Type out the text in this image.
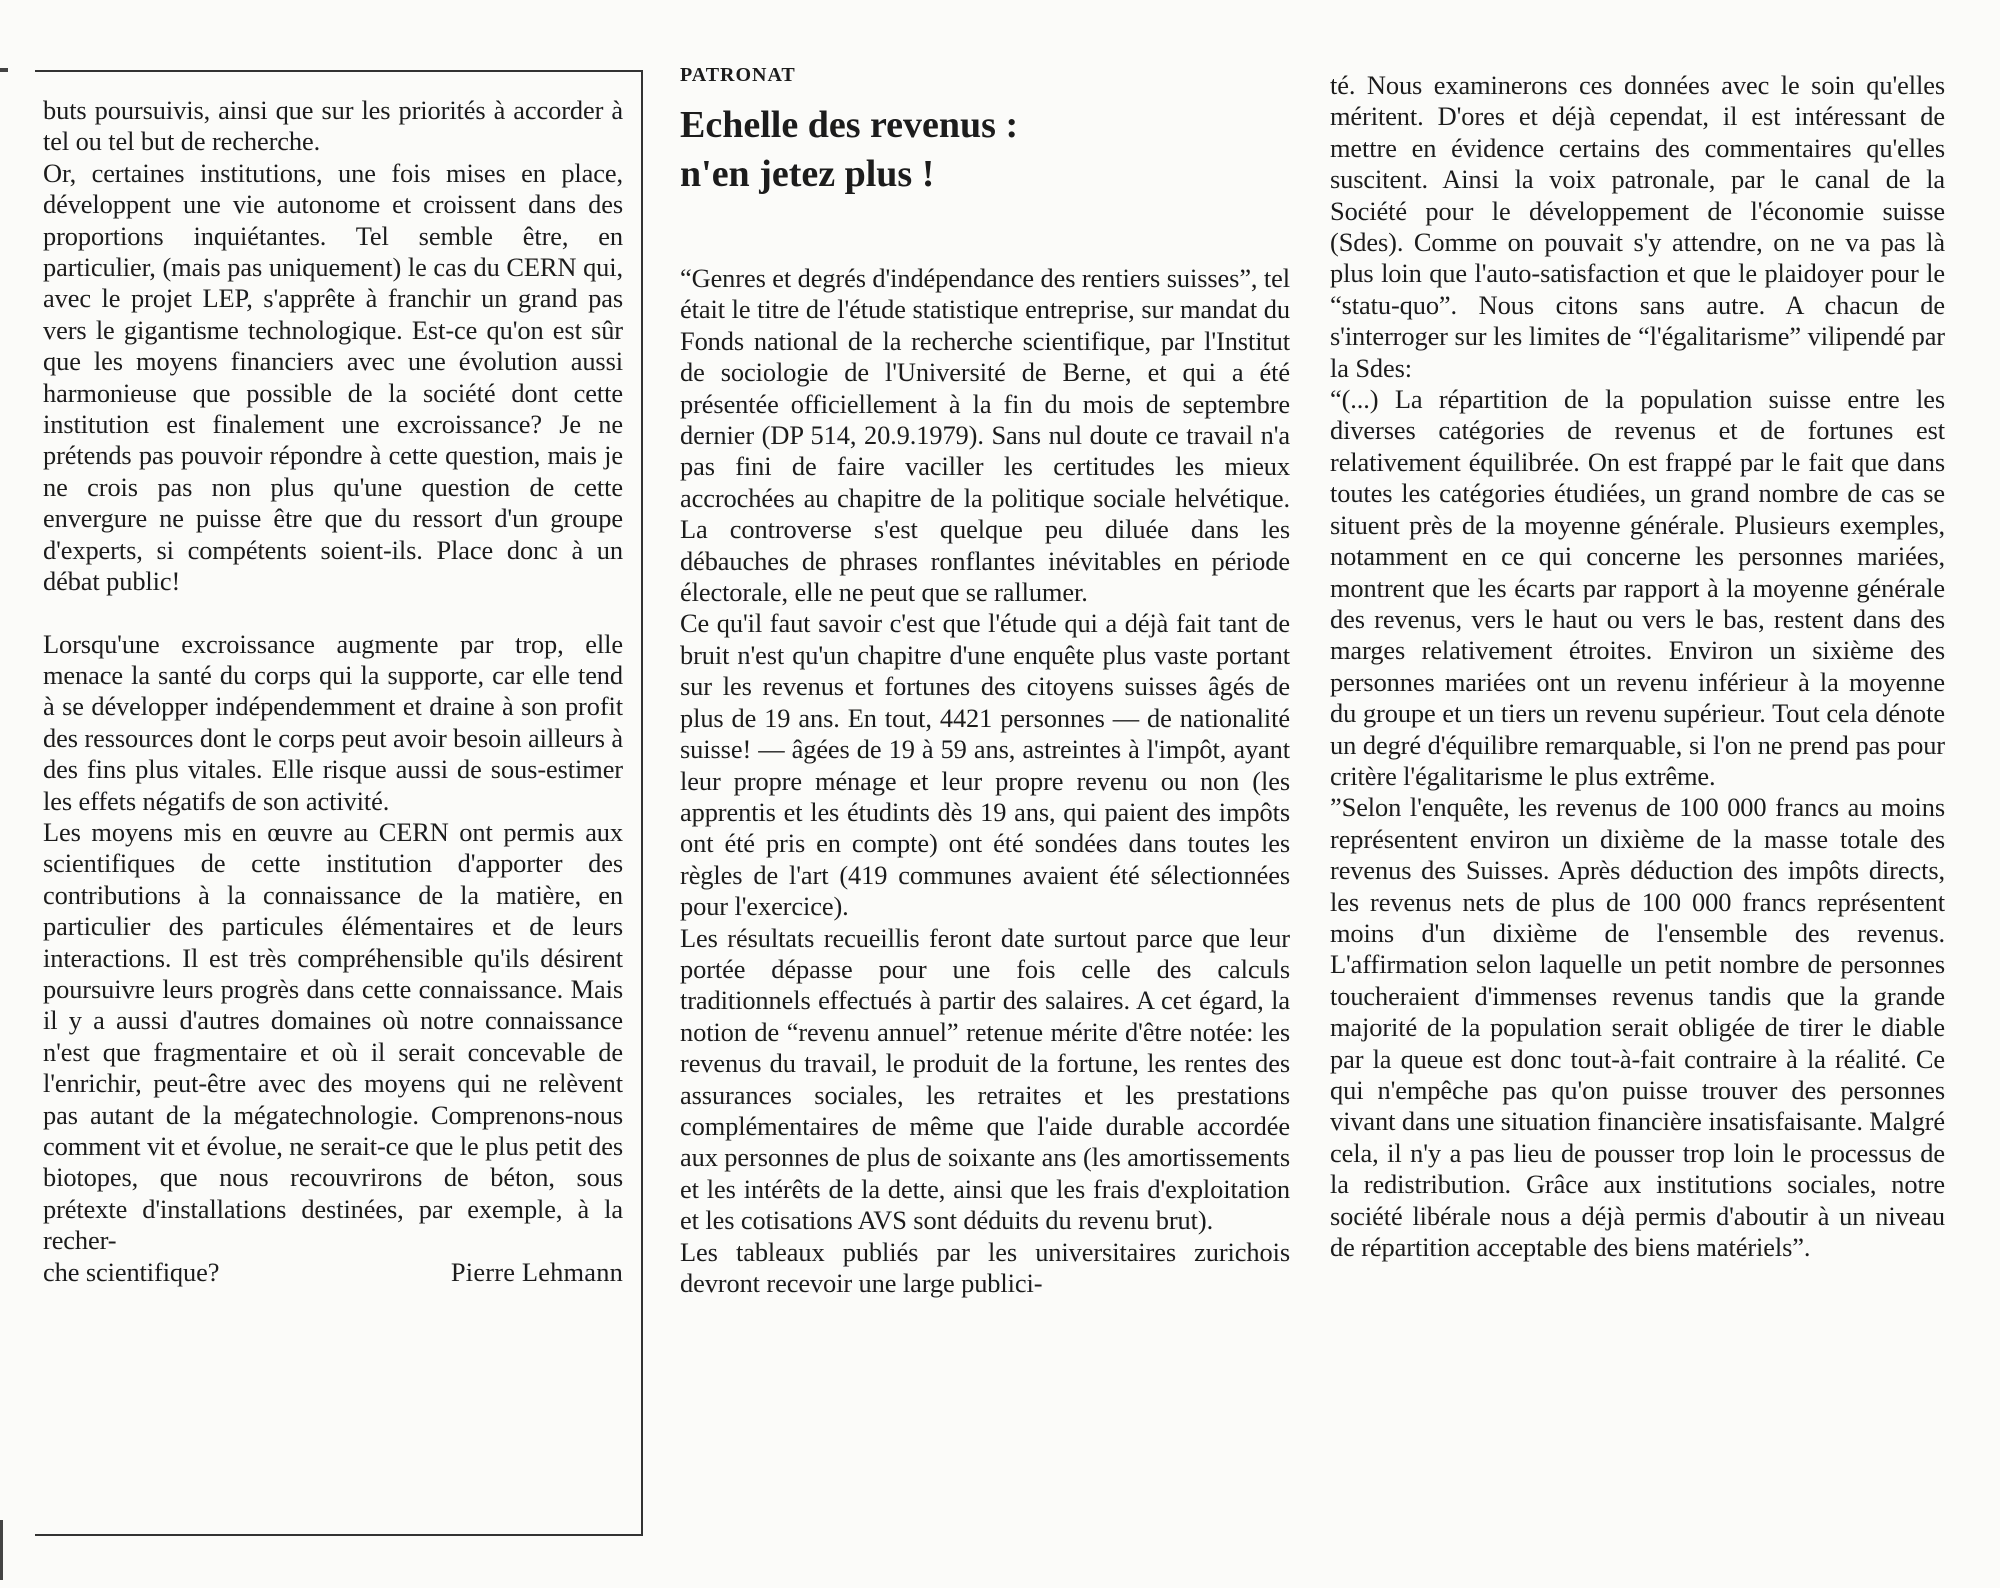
buts poursuivis, ainsi que sur les priorités à accorder à tel ou tel but de recherche.

Or, certaines institutions, une fois mises en place, développent une vie autonome et croissent dans des proportions inquiétantes. Tel semble être, en particulier, (mais pas uniquement) le cas du CERN qui, avec le projet LEP, s'apprête à franchir un grand pas vers le gigantisme technologique. Est-ce qu'on est sûr que les moyens financiers avec une évolution aussi harmonieuse que possible de la société dont cette institution est finalement une excroissance? Je ne prétends pas pouvoir répondre à cette question, mais je ne crois pas non plus qu'une question de cette envergure ne puisse être que du ressort d'un groupe d'experts, si compétents soient-ils. Place donc à un débat public!

Lorsqu'une excroissance augmente par trop, elle menace la santé du corps qui la supporte, car elle tend à se développer indépendemment et draine à son profit des ressources dont le corps peut avoir besoin ailleurs à des fins plus vitales. Elle risque aussi de sous-estimer les effets négatifs de son activité.

Les moyens mis en œuvre au CERN ont permis aux scientifiques de cette institution d'apporter des contributions à la connaissance de la matière, en particulier des particules élémentaires et de leurs interactions. Il est très compréhensible qu'ils désirent poursuivre leurs progrès dans cette connaissance. Mais il y a aussi d'autres domaines où notre connaissance n'est que fragmentaire et où il serait concevable de l'enrichir, peut-être avec des moyens qui ne relèvent pas autant de la mégatechnologie. Comprenons-nous comment vit et évolue, ne serait-ce que le plus petit des biotopes, que nous recouvrirons de béton, sous prétexte d'installations destinées, par exemple, à la recher-

che scientifique?	Pierre Lehmann

PATRONAT
Echelle des revenus :
n'en jetez plus !

“Genres et degrés d'indépendance des rentiers suisses”, tel était le titre de l'étude statistique entreprise, sur mandat du Fonds national de la recherche scientifique, par l'Institut de sociologie de l'Université de Berne, et qui a été présentée officiellement à la fin du mois de septembre dernier (DP 514, 20.9.1979). Sans nul doute ce travail n'a pas fini de faire vaciller les certitudes les mieux accrochées au chapitre de la politique sociale helvétique. La controverse s'est quelque peu diluée dans les débauches de phrases ronflantes inévitables en période électorale, elle ne peut que se rallumer.

Ce qu'il faut savoir c'est que l'étude qui a déjà fait tant de bruit n'est qu'un chapitre d'une enquête plus vaste portant sur les revenus et fortunes des citoyens suisses âgés de plus de 19 ans. En tout, 4421 personnes — de nationalité suisse! — âgées de 19 à 59 ans, astreintes à l'impôt, ayant leur propre ménage et leur propre revenu ou non (les apprentis et les étudints dès 19 ans, qui paient des impôts ont été pris en compte) ont été sondées dans toutes les règles de l'art (419 communes avaient été sélectionnées pour l'exercice).

Les résultats recueillis feront date surtout parce que leur portée dépasse pour une fois celle des calculs traditionnels effectués à partir des salaires. A cet égard, la notion de “revenu annuel” retenue mérite d'être notée: les revenus du travail, le produit de la fortune, les rentes des assurances sociales, les retraites et les prestations complémentaires de même que l'aide durable accordée aux personnes de plus de soixante ans (les amortissements et les intérêts de la dette, ainsi que les frais d'exploitation et les cotisations AVS sont déduits du revenu brut).

Les tableaux publiés par les universitaires zurichois devront recevoir une large publici-

té. Nous examinerons ces données avec le soin qu'elles méritent. D'ores et déjà cependat, il est intéressant de mettre en évidence certains des commentaires qu'elles suscitent. Ainsi la voix patronale, par le canal de la Société pour le développement de l'économie suisse (Sdes). Comme on pouvait s'y attendre, on ne va pas là plus loin que l'auto-satisfaction et que le plaidoyer pour le “statu-quo”. Nous citons sans autre. A chacun de s'interroger sur les limites de “l'égalitarisme” vilipendé par la Sdes:

“(...) La répartition de la population suisse entre les diverses catégories de revenus et de fortunes est relativement équilibrée. On est frappé par le fait que dans toutes les catégories étudiées, un grand nombre de cas se situent près de la moyenne générale. Plusieurs exemples, notamment en ce qui concerne les personnes mariées, montrent que les écarts par rapport à la moyenne générale des revenus, vers le haut ou vers le bas, restent dans des marges relativement étroites. Environ un sixième des personnes mariées ont un revenu inférieur à la moyenne du groupe et un tiers un revenu supérieur. Tout cela dénote un degré d'équilibre remarquable, si l'on ne prend pas pour critère l'égalitarisme le plus extrême.

”Selon l'enquête, les revenus de 100 000 francs au moins représentent environ un dixième de la masse totale des revenus des Suisses. Après déduction des impôts directs, les revenus nets de plus de 100 000 francs représentent moins d'un dixième de l'ensemble des revenus. L'affirmation selon laquelle un petit nombre de personnes toucheraient d'immenses revenus tandis que la grande majorité de la population serait obligée de tirer le diable par la queue est donc tout-à-fait contraire à la réalité. Ce qui n'empêche pas qu'on puisse trouver des personnes vivant dans une situation financière insatisfaisante. Malgré cela, il n'y a pas lieu de pousser trop loin le processus de la redistribution. Grâce aux institutions sociales, notre société libérale nous a déjà permis d'aboutir à un niveau de répartition acceptable des biens matériels”.
